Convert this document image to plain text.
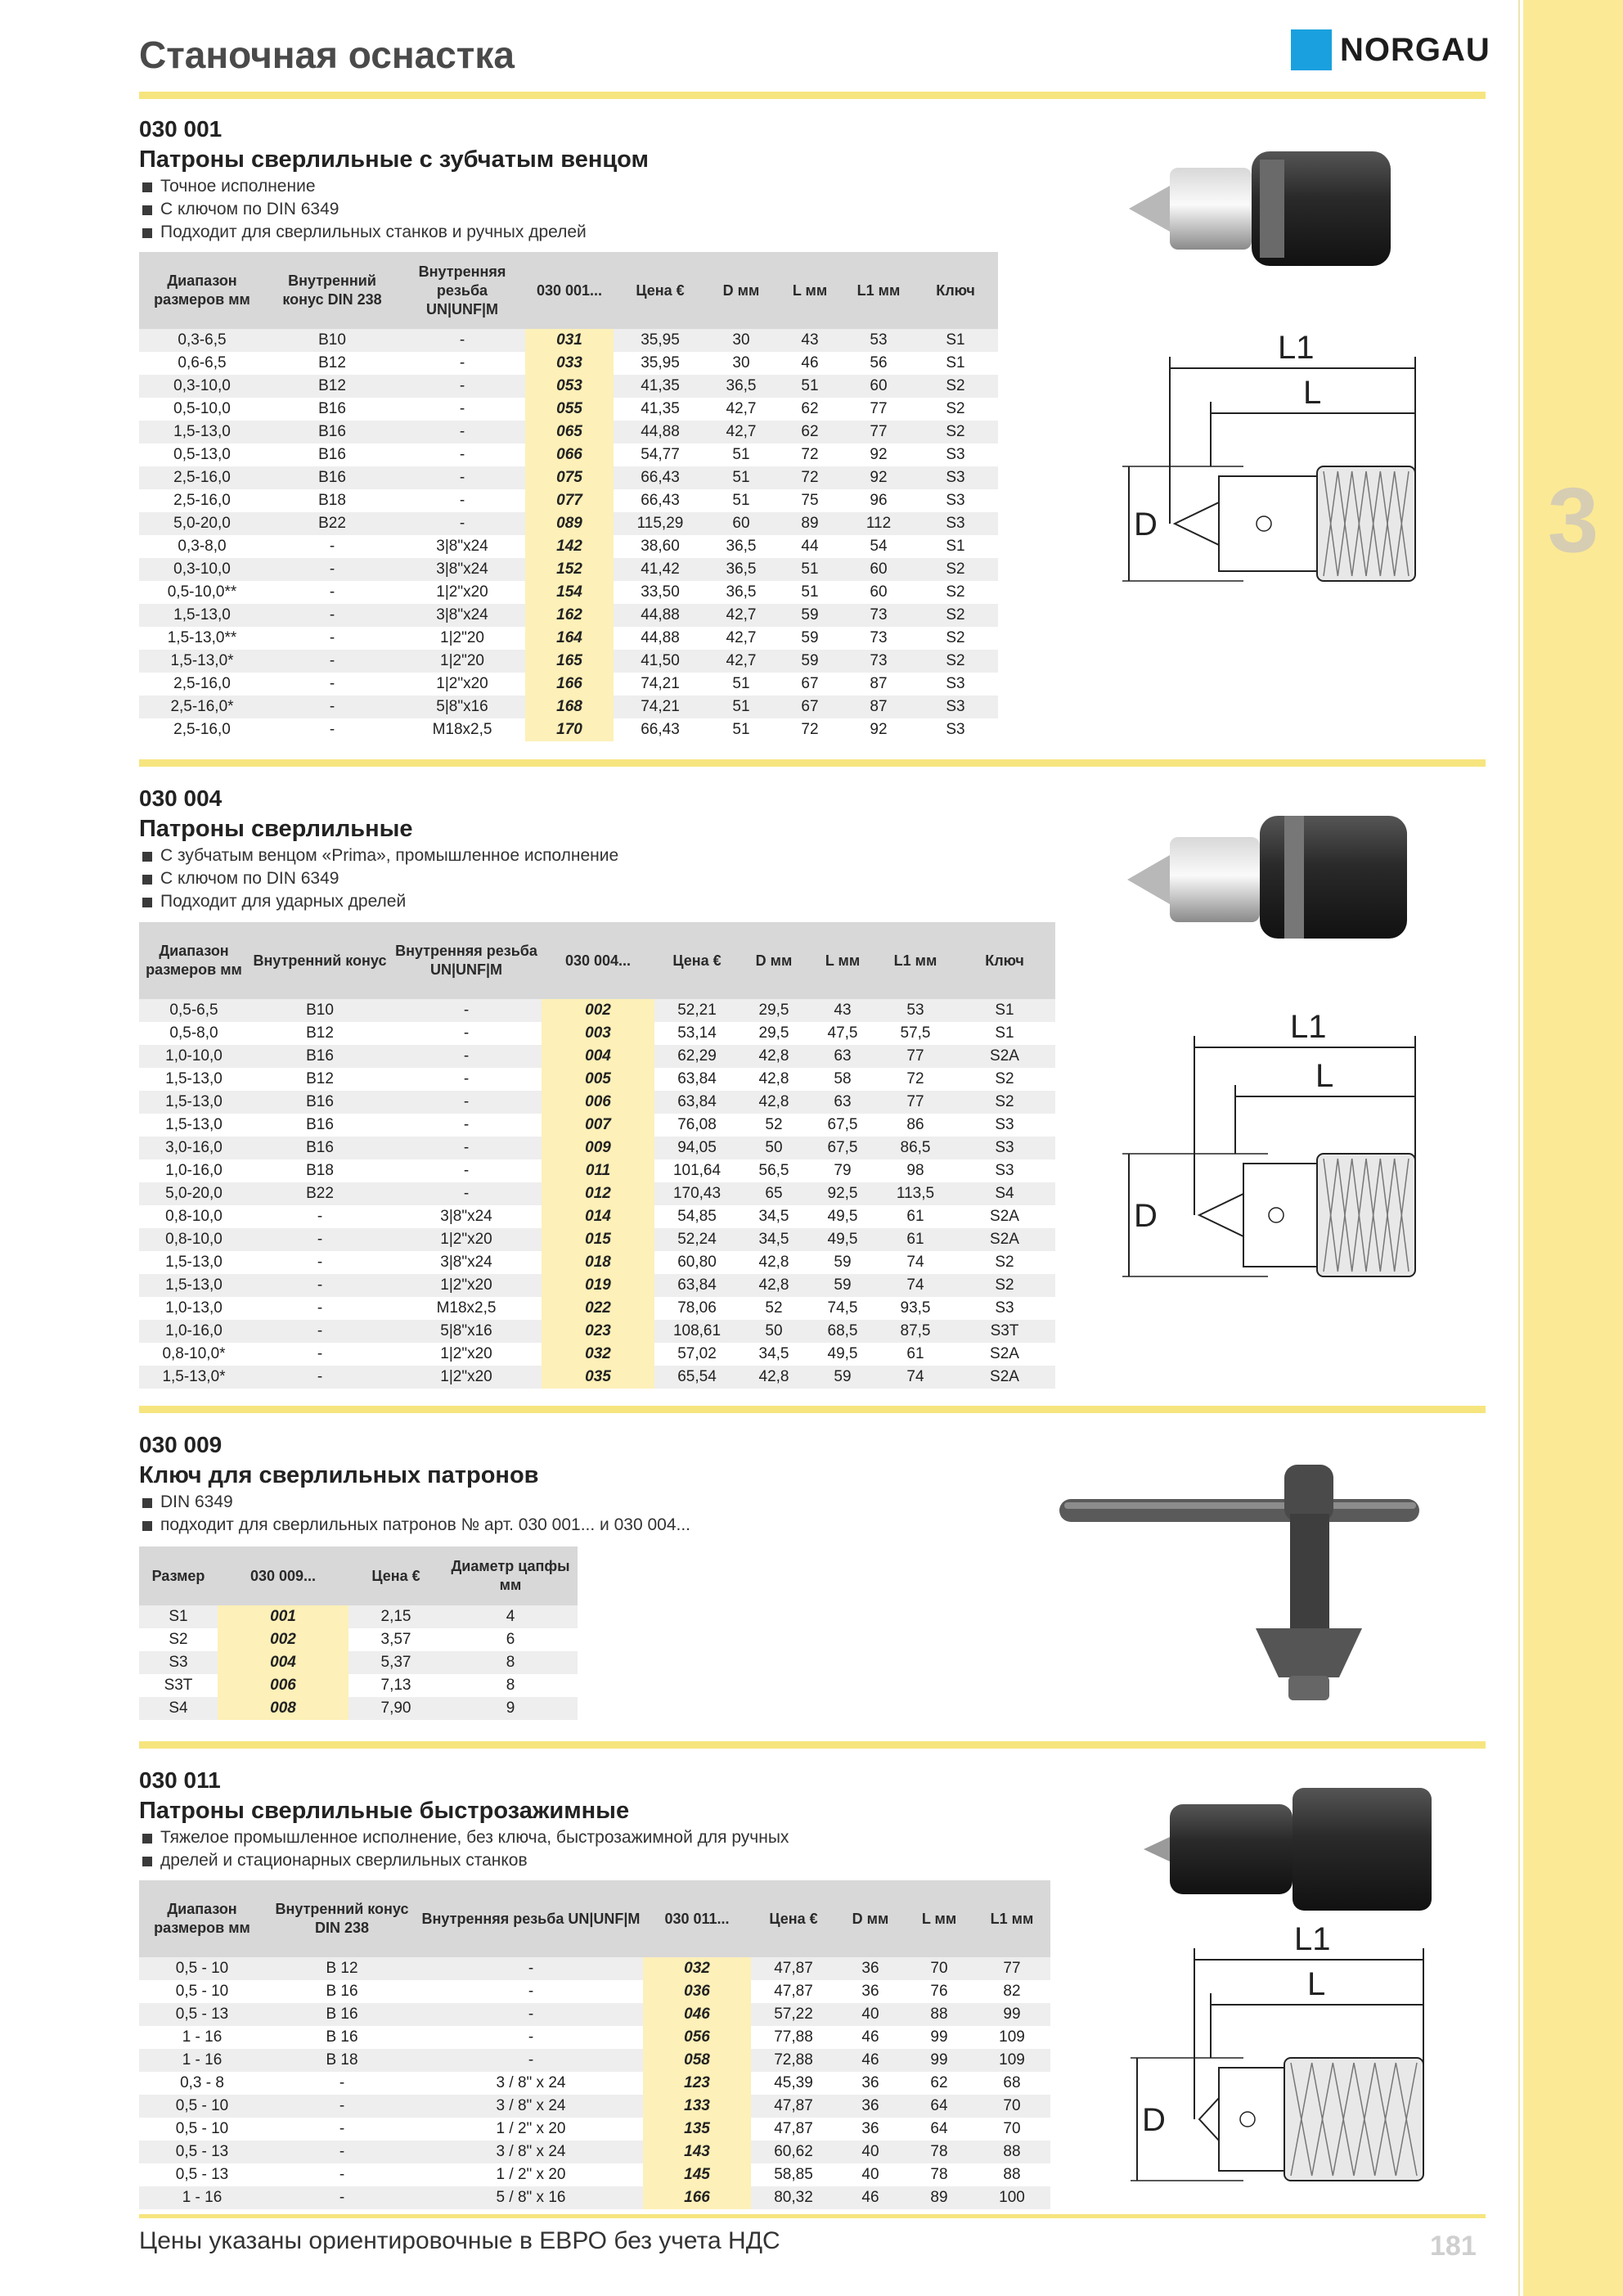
3
Станочная оснастка	NORGAU
030 001
Патроны сверлильные с зубчатым венцом
Точное исполнение
С ключом по DIN 6349
Подходит для сверлильных станков и ручных дрелей
Диапазон размеров мм	Внутренний конус DIN 238	Внутренняя резьба UN|UNF|M	030 001...	Цена €	D мм	L мм	L1 мм	Ключ
0,3-6,5	B10	-	031	35,95	30	43	53	S1
0,6-6,5	B12	-	033	35,95	30	46	56	S1
0,3-10,0	B12	-	053	41,35	36,5	51	60	S2
0,5-10,0	B16	-	055	41,35	42,7	62	77	S2
1,5-13,0	B16	-	065	44,88	42,7	62	77	S2
0,5-13,0	B16	-	066	54,77	51	72	92	S3
2,5-16,0	B16	-	075	66,43	51	72	92	S3
2,5-16,0	B18	-	077	66,43	51	75	96	S3
5,0-20,0	B22	-	089	115,29	60	89	112	S3
0,3-8,0	-	3|8"x24	142	38,60	36,5	44	54	S1
0,3-10,0	-	3|8"x24	152	41,42	36,5	51	60	S2
0,5-10,0**	-	1|2"x20	154	33,50	36,5	51	60	S2
1,5-13,0	-	3|8"x24	162	44,88	42,7	59	73	S2
1,5-13,0**	-	1|2"20	164	44,88	42,7	59	73	S2
1,5-13,0*	-	1|2"20	165	41,50	42,7	59	73	S2
2,5-16,0	-	1|2"x20	166	74,21	51	67	87	S3
2,5-16,0*	-	5|8"x16	168	74,21	51	67	87	S3
2,5-16,0	-	M18x2,5	170	66,43	51	72	92	S3
030 004
Патроны сверлильные
С зубчатым венцом «Prima», промышленное исполнение
С ключом по DIN 6349
Подходит для ударных дрелей
Диапазон размеров мм	Внутренний конус	Внутренняя резьба UN|UNF|M	030 004...	Цена €	D мм	L мм	L1 мм	Ключ
0,5-6,5	B10	-	002	52,21	29,5	43	53	S1
0,5-8,0	B12	-	003	53,14	29,5	47,5	57,5	S1
1,0-10,0	B16	-	004	62,29	42,8	63	77	S2A
1,5-13,0	B12	-	005	63,84	42,8	58	72	S2
1,5-13,0	B16	-	006	63,84	42,8	63	77	S2
1,5-13,0	B16	-	007	76,08	52	67,5	86	S3
3,0-16,0	B16	-	009	94,05	50	67,5	86,5	S3
1,0-16,0	B18	-	011	101,64	56,5	79	98	S3
5,0-20,0	B22	-	012	170,43	65	92,5	113,5	S4
0,8-10,0	-	3|8"x24	014	54,85	34,5	49,5	61	S2A
0,8-10,0	-	1|2"x20	015	52,24	34,5	49,5	61	S2A
1,5-13,0	-	3|8"x24	018	60,80	42,8	59	74	S2
1,5-13,0	-	1|2"x20	019	63,84	42,8	59	74	S2
1,0-13,0	-	M18x2,5	022	78,06	52	74,5	93,5	S3
1,0-16,0	-	5|8"x16	023	108,61	50	68,5	87,5	S3T
0,8-10,0*	-	1|2"x20	032	57,02	34,5	49,5	61	S2A
1,5-13,0*	-	1|2"x20	035	65,54	42,8	59	74	S2A
030 009
Ключ для сверлильных патронов
DIN 6349
подходит для сверлильных патронов № арт. 030 001... и 030 004...
Размер	030 009...	Цена €	Диаметр цапфы мм
S1	001	2,15	4
S2	002	3,57	6
S3	004	5,37	8
S3T	006	7,13	8
S4	008	7,90	9
030 011
Патроны сверлильные быстрозажимные
Тяжелое промышленное исполнение, без ключа, быстрозажимной для ручных
дрелей и стационарных сверлильных станков
Диапазон размеров мм	Внутренний конус DIN 238	Внутренняя резьба UN|UNF|M	030 011...	Цена €	D мм	L мм	L1 мм
0,5 - 10	B 12	-	032	47,87	36	70	77
0,5 - 10	B 16	-	036	47,87	36	76	82
0,5 - 13	B 16	-	046	57,22	40	88	99
1 - 16	B 16	-	056	77,88	46	99	109
1 - 16	B 18	-	058	72,88	46	99	109
0,3 - 8	-	3 / 8" x 24	123	45,39	36	62	68
0,5 - 10	-	3 / 8" x 24	133	47,87	36	64	70
0,5 - 10	-	1 / 2" x 20	135	47,87	36	64	70
0,5 - 13	-	3 / 8" x 24	143	60,62	40	78	88
0,5 - 13	-	1 / 2" x 20	145	58,85	40	78	88
1 - 16	-	5 / 8" x 16	166	80,32	46	89	100
L1
L
D
L1
L
D
L1
L
D
Цены указаны ориентировочные в ЕВРО без учета НДС	181
